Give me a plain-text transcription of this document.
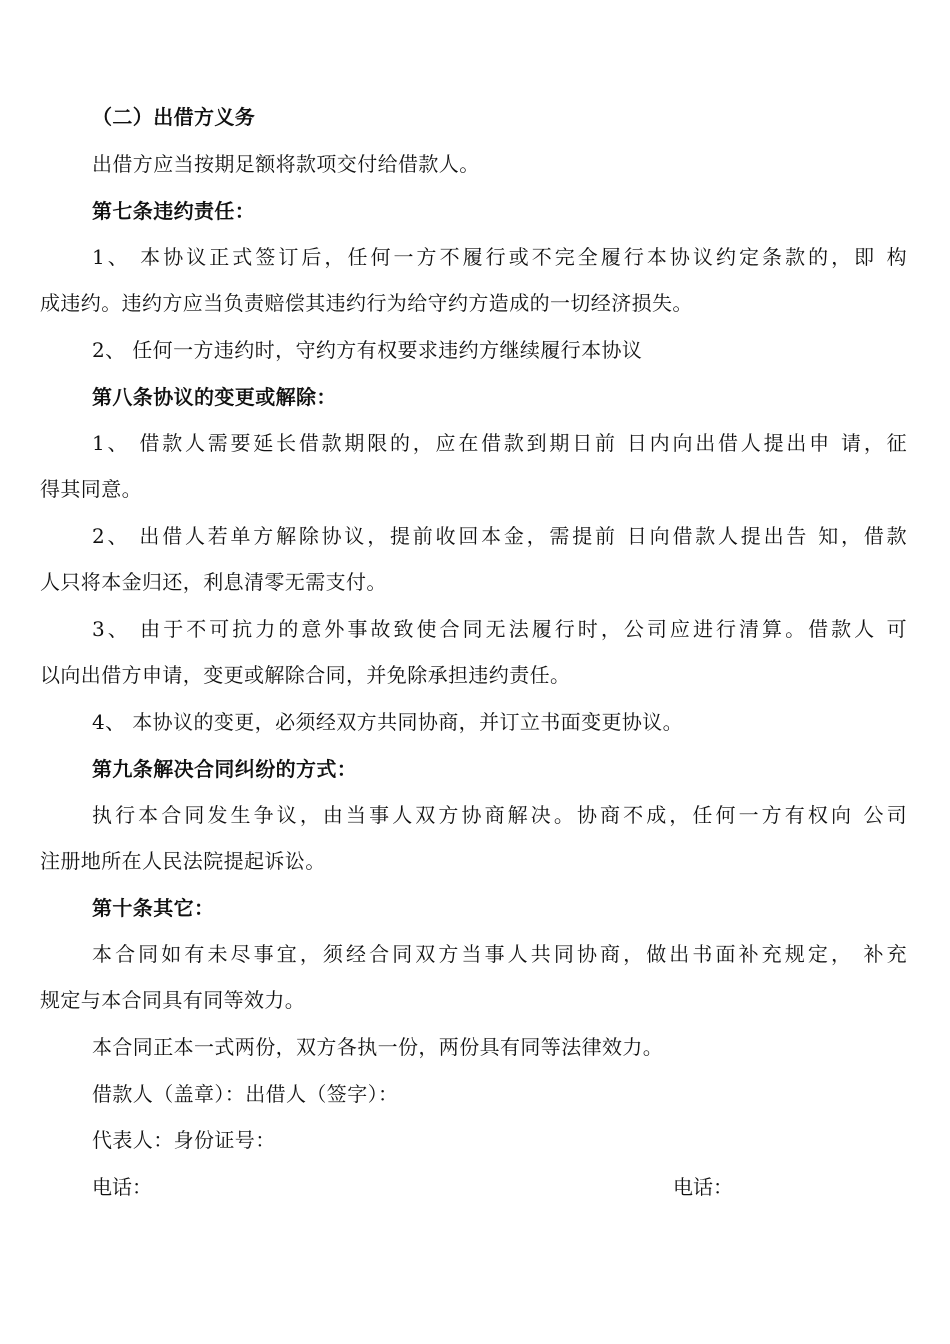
（二）出借方义务
出借方应当按期足额将款项交付给借款人。
第七条违约责任：
1、 本协议正式签订后，任何一方不履行或不完全履行本协议约定条款的，即 构
成违约。违约方应当负责赔偿其违约行为给守约方造成的一切经济损失。
2、 任何一方违约时，守约方有权要求违约方继续履行本协议
第八条协议的变更或解除：
1、 借款人需要延长借款期限的，应在借款到期日前 日内向出借人提出申 请，征
得其同意。
2、 出借人若单方解除协议，提前收回本金，需提前 日向借款人提出告 知，借款
人只将本金归还，利息清零无需支付。
3、 由于不可抗力的意外事故致使合同无法履行时，公司应进行清算。借款人 可
以向出借方申请，变更或解除合同，并免除承担违约责任。
4、 本协议的变更，必须经双方共同协商，并订立书面变更协议。
第九条解决合同纠纷的方式：
执行本合同发生争议，由当事人双方协商解决。协商不成，任何一方有权向 公司
注册地所在人民法院提起诉讼。
第十条其它：
本合同如有未尽事宜，须经合同双方当事人共同协商，做出书面补充规定， 补充
规定与本合同具有同等效力。
本合同正本一式两份，双方各执一份，两份具有同等法律效力。
借款人（盖章）：出借人（签字）：
代表人：身份证号：
电话：	电话：
